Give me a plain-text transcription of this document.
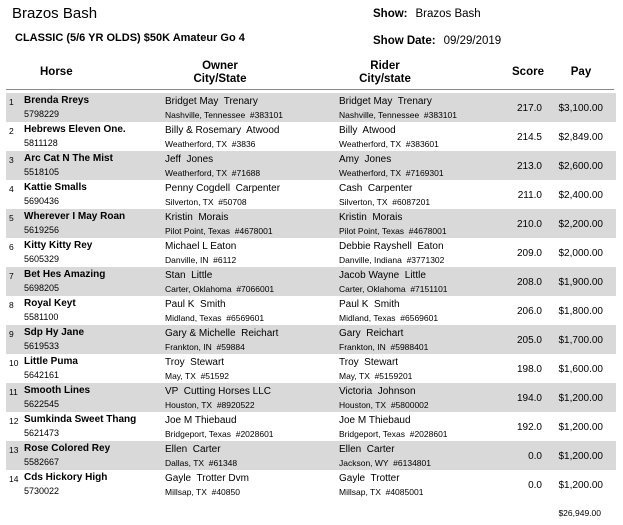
Brazos Bash
CLASSIC (5/6 YR OLDS) $50K Amateur Go 4
Show: Brazos Bash
Show Date: 09/29/2019
Horse	Owner
City/State
Rider
City/state
Score	Pay
1 Brenda Rreys
5798229
Bridget May  Trenary
Nashville, Tennessee  #383101
Bridget May  Trenary
Nashville, Tennessee  #383101
217.0 $3,100.00
2 Hebrews Eleven One.
5811128
Billy & Rosemary  Atwood
Weatherford, TX  #3836
Billy  Atwood
Weatherford, TX  #383601
214.5 $2,849.00
3 Arc Cat N The Mist
5518105
Jeff  Jones
Weatherford, TX  #71688
Amy  Jones
Weatherford, TX  #7169301
213.0 $2,600.00
4 Kattie Smalls
5690436
Penny Cogdell  Carpenter
Silverton, TX  #50708
Cash  Carpenter
Silverton, TX  #6087201
211.0 $2,400.00
5 Wherever I May Roan
5619256
Kristin  Morais
Pilot Point, Texas  #4678001
Kristin  Morais
Pilot Point, Texas  #4678001
210.0 $2,200.00
6 Kitty Kitty Rey
5605329
Michael L Eaton
Danville, IN  #6112
Debbie Rayshell  Eaton
Danville, Indiana  #3771302
209.0 $2,000.00
7 Bet Hes Amazing
5698205
Stan  Little
Carter, Oklahoma  #7066001
Jacob Wayne  Little
Carter, Oklahoma  #7151101
208.0 $1,900.00
8 Royal Keyt
5581100
Paul K  Smith
Midland, Texas  #6569601
Paul K  Smith
Midland, Texas  #6569601
206.0 $1,800.00
9 Sdp Hy Jane
5619533
Gary & Michelle  Reichart
Frankton, IN  #59884
Gary  Reichart
Frankton, IN  #5988401
205.0 $1,700.00
10 Little Puma
5642161
Troy  Stewart
May, TX  #51592
Troy  Stewart
May, TX  #5159201
198.0 $1,600.00
11 Smooth Lines
5622545
VP  Cutting Horses LLC
Houston, TX  #8920522
Victoria  Johnson
Houston, TX  #5800002
194.0 $1,200.00
12 Sumkinda Sweet Thang
5621473
Joe M Thiebaud
Bridgeport, Texas  #2028601
Joe M Thiebaud
Bridgeport, Texas  #2028601
192.0 $1,200.00
13 Rose Colored Rey
5582667
Ellen  Carter
Dallas, TX  #61348
Ellen  Carter
Jackson, WY  #6134801
0.0 $1,200.00
14 Cds Hickory High
5730022
Gayle  Trotter Dvm
Millsap, TX  #40850
Gayle  Trotter
Millsap, TX  #4085001
0.0 $1,200.00
$26,949.00
